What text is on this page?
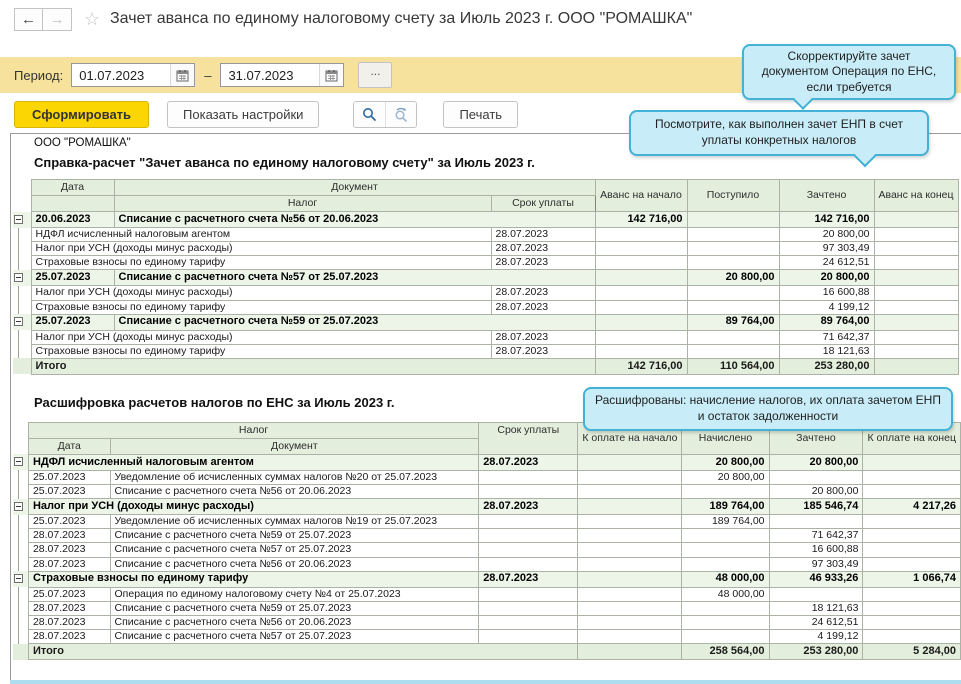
← →	☆ Зачет аванса по единому налоговому счету за Июль 2023 г. ООО "РОМАШКА"
Период:
01.07.2023	–
31.07.2023	...
Сформировать	Показать настройки	Печать
Скорректируйте зачет документом Операция по ЕНС, если требуется
Посмотрите, как выполнен зачет ЕНП в счет уплаты конкретных налогов
Расшифрованы: начисление налогов, их оплата зачетом ЕНП и остаток задолженности
ООО "РОМАШКА"
Справка-расчет "Зачет аванса по единому налоговому счету" за Июль 2023 г.
	Дата	Документ		Аванс на начало	Поступило	Зачтено	Аванс на конец
		Налог	Срок уплаты				

	20.06.2023	Списание с расчетного счета №56 от 20.06.2023		142 716,00		142 716,00	
	НДФЛ исчисленный налоговым агентом		28.07.2023			20 800,00	
	Налог при УСН (доходы минус расходы)		28.07.2023			97 303,49	
	Страховые взносы по единому тарифу		28.07.2023			24 612,51	

	25.07.2023	Списание с расчетного счета №57 от 25.07.2023			20 800,00	20 800,00	
	Налог при УСН (доходы минус расходы)		28.07.2023			16 600,88	
	Страховые взносы по единому тарифу		28.07.2023			4 199,12	

	25.07.2023	Списание с расчетного счета №59 от 25.07.2023			89 764,00	89 764,00	
	Налог при УСН (доходы минус расходы)		28.07.2023			71 642,37	
	Страховые взносы по единому тарифу		28.07.2023			18 121,63	
	Итого			142 716,00	110 564,00	253 280,00	
Расшифровка расчетов налогов по ЕНС за Июль 2023 г.
	Налог		Срок уплаты	К оплате на начало	Начислено	Зачтено	К оплате на конец
	Дата	Документ					

	НДФЛ исчисленный налоговым агентом		28.07.2023		20 800,00	20 800,00	
	25.07.2023	Уведомление об исчисленных суммах налогов №20 от 25.07.2023			20 800,00		
	25.07.2023	Списание с расчетного счета №56 от 20.06.2023				20 800,00	

	Налог при УСН (доходы минус расходы)		28.07.2023		189 764,00	185 546,74	4 217,26
	25.07.2023	Уведомление об исчисленных суммах налогов №19 от 25.07.2023			189 764,00		
	28.07.2023	Списание с расчетного счета №59 от 25.07.2023				71 642,37	
	28.07.2023	Списание с расчетного счета №57 от 25.07.2023				16 600,88	
	28.07.2023	Списание с расчетного счета №56 от 20.06.2023				97 303,49	

	Страховые взносы по единому тарифу		28.07.2023		48 000,00	46 933,26	1 066,74
	25.07.2023	Операция по единому налоговому счету №4 от 25.07.2023			48 000,00		
	28.07.2023	Списание с расчетного счета №59 от 25.07.2023				18 121,63	
	28.07.2023	Списание с расчетного счета №56 от 20.06.2023				24 612,51	
	28.07.2023	Списание с расчетного счета №57 от 25.07.2023				4 199,12	
	Итого				258 564,00	253 280,00	5 284,00
